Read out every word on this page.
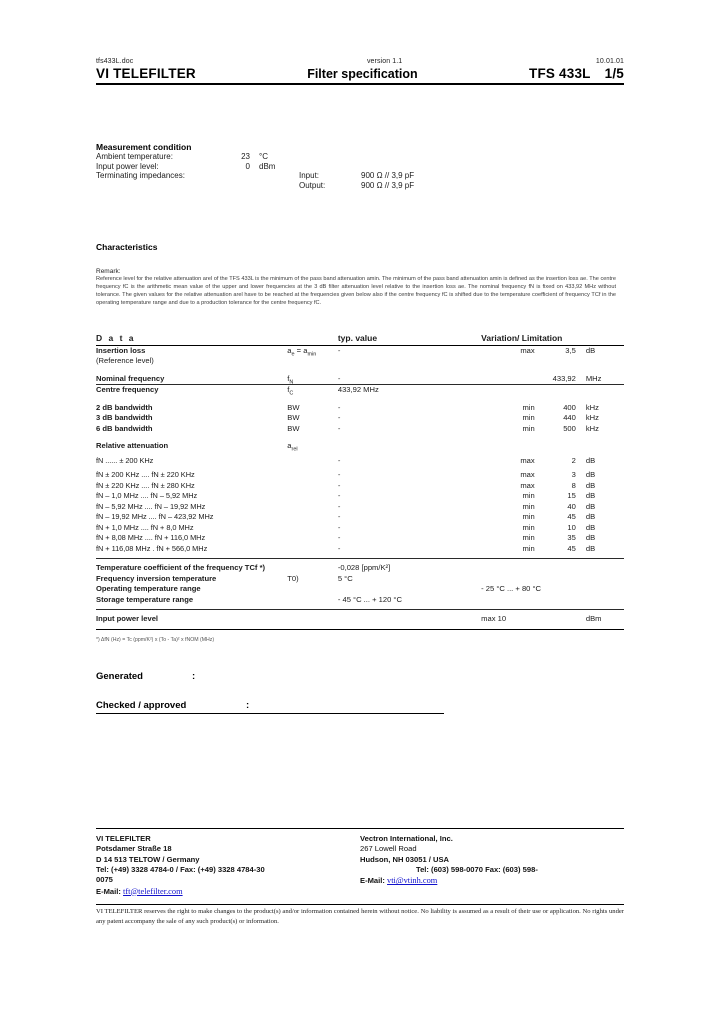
tfs433L.doc	version 1.1	10.01.01
VI TELEFILTER	Filter specification	TFS 433L 1/5
Measurement condition
Ambient temperature:	23	°C		
Input power level:	0	dBm		
Terminating impedances:			Input:	900 Ω // 3,9 pF
			Output:	900 Ω // 3,9 pF
Characteristics
Remark:
Reference level for the relative attenuation arel of the TFS 433L is the minimum of the pass band attenuation amin. The minimum of the pass band attenuation amin is defined as the insertion loss ae. The centre frequency fC is the arithmetic mean value of the upper and lower frequencies at the 3 dB filter attenuation level relative to the insertion loss ae. The nominal frequency fN is fixed on 433,92 MHz without tolerance. The given values for the relative attenuation arel have to be reached at the frequencies given below also if the centre frequency fC is shifted due to the temperature coefficient of frequency TCf in the operating temperature range and due to a production tolerance for the centre frequency fC.
D a t a		typ. value	Variation/ Limitation		

Insertion loss	$a_e = a_{min}$	-	max	3,5	dB
(Reference level)					

Nominal frequency	$f_N$	-		433,92	MHz

Centre frequency	$f_C$	433,92 MHz			

2 dB bandwidth	BW	-	min	400	kHz
3 dB bandwidth	BW	-	min	440	kHz
6 dB bandwidth	BW	-	min	500	kHz

Relative attenuation	$a_{rel}$				

fN ...... ± 200 KHz		-	max	2	dB

fN ± 200 KHz .... fN ± 220 KHz		-	max	3	dB
fN ± 220 KHz .... fN ± 280 KHz		-	max	8	dB
fN – 1,0 MHz .... fN – 5,92 MHz		-	min	15	dB
fN – 5,92 MHz .... fN – 19,92 MHz		-	min	40	dB
fN – 19,92 MHz .... fN – 423,92 MHz		-	min	45	dB
fN + 1,0 MHz .... fN + 8,0 MHz		-	min	10	dB
fN + 8,08 MHz .... fN + 116,0 MHz		-	min	35	dB
fN + 116,08 MHz . fN + 566,0 MHz		-	min	45	dB

Temperature coefficient of the frequency TCf *)		-0,028 [ppm/K²]			
Frequency inversion temperature	T0)	5 °C			
Operating temperature range			- 25 °C ... + 80 °C		
Storage temperature range		- 45 °C ... + 120 °C			

Input power level			max 10		dBm

*) ΔfN (Hz) = Tc (ppm/K²) x (To - Ta)² x fNOM (MHz)
Generated	:
Checked / approved	:
VI TELEFILTER
Potsdamer Straße 18
D 14 513 TELTOW / Germany
Tel: (+49) 3328 4784-0 / Fax: (+49) 3328 4784-30
0075
E-Mail: tft@telefilter.com
Vectron International, Inc.
267 Lowell Road
Hudson, NH 03051 / USA
Tel: (603) 598-0070 Fax: (603) 598-
E-Mail: vti@vtinh.com
VI TELEFILTER reserves the right to make changes to the product(s) and/or information contained herein without notice. No liability is assumed as a result of their use or application. No rights under any patent accompany the sale of any such product(s) or information.
